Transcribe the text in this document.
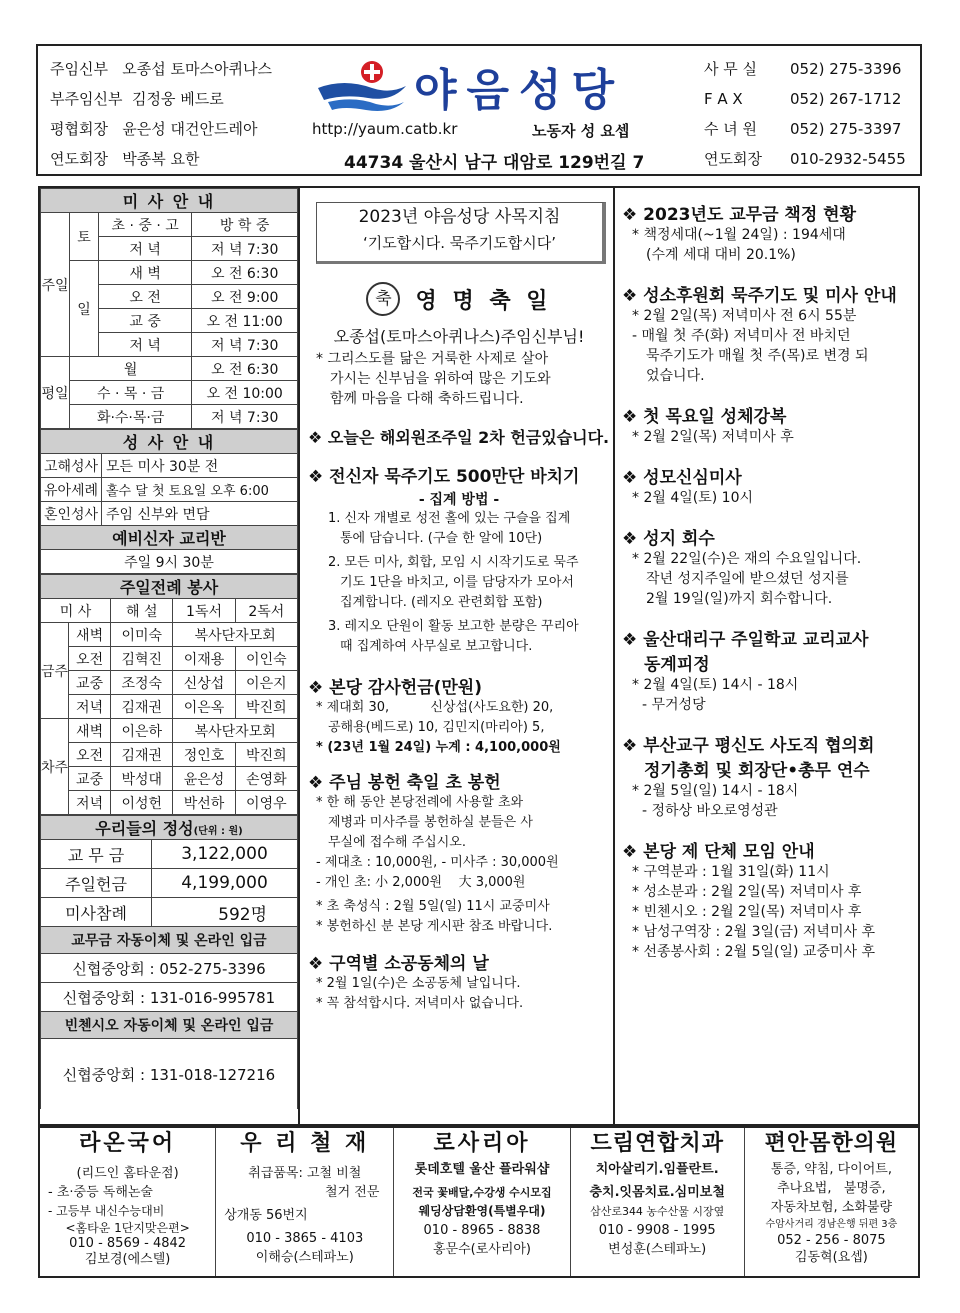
주임신부 오종섭 토마스아퀴나스
부주임신부 김정웅 베드로
평협회장 윤은성 대건안드레아
연도회장 박종복 요한
야음성당
http://yaum.catb.kr	노동자 성 요셉
44734 울산시 남구 대암로 129번길 7
사 무 실 052) 275-3396
F A X	052) 267-1712
수 녀 원 052) 275-3397
연도회장 010-2932-5455
미 사 안 내			
주일	토	초 · 중 · 고	방 학 중
		저 녁	저 녁 7:30
	일	새 벽	오 전 6:30
		오 전	오 전 9:00
		교 중	오 전 11:00
		저 녁	저 녁 7:30
평일	월		오 전 6:30
	수 · 목 · 금		오 전 10:00
	화·수·목·금		저 녁 7:30
성 사 안 내	
고해성사	모든 미사 30분 전
유아세례	홀수 달 첫 토요일 오후 6:00
혼인성사	주임 신부와 면담
예비신자 교리반	
주일 9시 30분	
주일전례 봉사				
미 사		해 설	1독서	2독서
금주	새벽	이미숙	복사단자모회	
	오전	김혁진	이재용	이인숙
	교중	조정숙	신상섭	이은지
	저녁	김재권	이은옥	박진희
차주	새벽	이은하	복사단자모회	
	오전	김재권	정인호	박진희
	교중	박성대	윤은성	손영화
	저녁	이성헌	박선하	이영우
우리들의 정성(단위 : 원)	
교 무 금	3,122,000
주일헌금	4,199,000
미사참례	592명
교무금 자동이체 및 온라인 입금	
신협중앙회 : 052-275-3396	
신협중앙회 : 131-016-995781	
빈첸시오 자동이체 및 온라인 입금	
신협중앙회 : 131-018-127216	
2023년 야음성당 사목지침
‘기도합시다. 묵주기도합시다’
축 영 명 축 일
오종섭(토마스아퀴나스)주임신부님!
* 그리스도를 닮은 거룩한 사제로 살아
가시는 신부님을 위하여 많은 기도와
함께 마음을 다해 축하드립니다.
❖ 오늘은 해외원조주일 2차 헌금있습니다.
❖ 전신자 묵주기도 500만단 바치기
- 집계 방법 -
1. 신자 개별로 성전 홀에 있는 구슬을 집계
통에 담습니다. (구슬 한 알에 10단)
2. 모든 미사, 회합, 모임 시 시작기도로 묵주
기도 1단을 바치고, 이를 담당자가 모아서
집계합니다. (레지오 관련회합 포함)
3. 레지오 단원이 활동 보고한 분량은 꾸리아
때 집계하여 사무실로 보고합니다.
❖ 본당 감사헌금(만원)
* 제대회 30,          신상섭(사도요한) 20,
공해용(베드로) 10, 김민지(마리아) 5,
* (23년 1월 24일) 누계 : 4,100,000원
❖ 주님 봉헌 축일 초 봉헌
* 한 해 동안 본당전례에 사용할 초와
제병과 미사주를 봉헌하실 분들은 사
무실에 접수해 주십시오.
- 제대초 : 10,000원, - 미사주 : 30,000원
- 개인 초: 小 2,000원    大 3,000원
* 초 축성식 : 2월 5일(일) 11시 교중미사
* 봉헌하신 분 본당 게시판 참조 바랍니다.
❖ 구역별 소공동체의 날
* 2월 1일(수)은 소공동체 날입니다.
* 꼭 참석합시다. 저녁미사 없습니다.
❖ 2023년도 교무금 책정 현황
* 책정세대(~1월 24일) : 194세대
(수계 세대 대비 20.1%)
❖ 성소후원회 묵주기도 및 미사 안내
* 2월 2일(목) 저녁미사 전 6시 55분
- 매월 첫 주(화) 저녁미사 전 바치던
묵주기도가 매월 첫 주(목)로 변경 되
었습니다.
❖ 첫 목요일 성체강복
* 2월 2일(목) 저녁미사 후
❖ 성모신심미사
* 2월 4일(토) 10시
❖ 성지 회수
* 2월 22일(수)은 재의 수요일입니다.
작년 성지주일에 받으셨던 성지를
2월 19일(일)까지 회수합니다.
❖ 울산대리구 주일학교 교리교사
동계피정
* 2월 4일(토) 14시 - 18시
- 무거성당
❖ 부산교구 평신도 사도직 협의회
정기총회 및 회장단•총무 연수
* 2월 5일(일) 14시 - 18시
- 정하상 바오로영성관
❖ 본당 제 단체 모임 안내
* 구역분과 : 1월 31일(화) 11시
* 성소분과 : 2월 2일(목) 저녁미사 후
* 빈첸시오 : 2월 2일(목) 저녁미사 후
* 남성구역장 : 2월 3일(금) 저녁미사 후
* 선종봉사회 : 2월 5일(일) 교중미사 후
라온국어
(리드인 홈타운점)
- 초·중등 독해논술
- 고등부 내신수능대비
<홈타운 1단지맞은편>
010 - 8569 - 4842
김보경(에스텔)
우 리 철 재
취급품목: 고철 비철
철거 전문
상개동 56번지
010 - 3865 - 4103
이해승(스테파노)
로사리아
롯데호텔 울산 플라워샵
전국 꽃배달,수강생 수시모집
웨딩상담환영(특별우대)
010 - 8965 - 8838
홍문수(로사리아)
드림연합치과
치아살리기.임플란트.
충치.잇몸치료.심미보철
삼산로344 농수산물 시장옆
010 - 9908 - 1995
변성훈(스테파노)
편안몸한의원
통증, 약침, 다이어트,
추나요법,   불명증,
자동차보험, 소화불량
수암사거리 경남은행 뒤편 3층
052 - 256 - 8075
김동혁(요셉)
